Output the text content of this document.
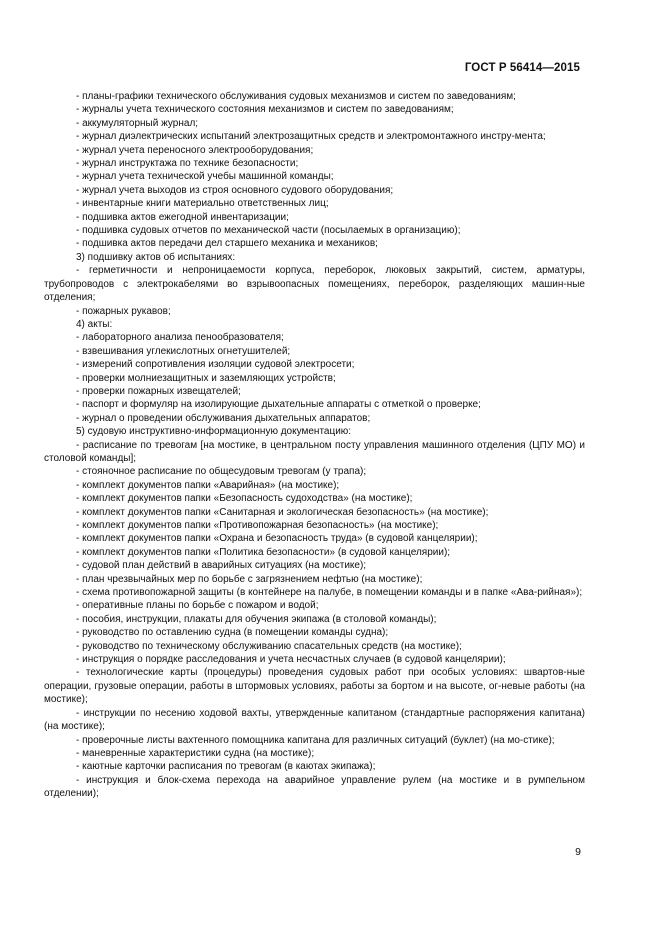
ГОСТ Р 56414—2015

- планы-графики технического обслуживания судовых механизмов и систем по заведованиям;

- журналы учета технического состояния механизмов и систем по заведованиям;

- аккумуляторный журнал;

- журнал диэлектрических испытаний электрозащитных средств и электромонтажного инстру-ментa;

- журнал учета переносного электрооборудования;

- журнал инструктажа по технике безопасности;

- журнал учета технической учебы машинной команды;

- журнал учета выходов из строя основного судового оборудования;

- инвентарные книги материально ответственных лиц;

- подшивка актов ежегодной инвентаризации;

- подшивка судовых отчетов по механической части (посылаемых в организацию);

- подшивка актов передачи дел старшего механика и механиков;

3) подшивку актов об испытаниях:

- герметичности и непроницаемости корпуса, переборок, люковых закрытий, систем, арматуры, трубопроводов с электрокабелями во взрывоопасных помещениях, переборок, разделяющих машин-ные отделения;

- пожарных рукавов;

4) акты:

- лабораторного анализа пенообразователя;

- взвешивания углекислотных огнетушителей;

- измерений сопротивления изоляции судовой электросети;

- проверки молниезащитных и заземляющих устройств;

- проверки пожарных извещателей;

- паспорт и формуляр на изолирующие дыхательные аппараты с отметкой о проверке;

- журнал о проведении обслуживания дыхательных аппаратов;

5) судовую инструктивно-информационную документацию:

- расписание по тревогам [на мостике, в центральном посту управления машинного отделения (ЦПУ МО) и столовой команды];

- стояночное расписание по общесудовым тревогам (у трапа);

- комплект документов папки «Аварийная» (на мостике);

- комплект документов папки «Безопасность судоходства» (на мостике);

- комплект документов папки «Санитарная и экологическая безопасность» (на мостике);

- комплект документов папки «Противопожарная безопасность» (на мостике);

- комплект документов папки «Охрана и безопасность труда» (в судовой канцелярии);

- комплект документов папки «Политика безопасности» (в судовой канцелярии);

- судовой план действий в аварийных ситуациях (на мостике);

- план чрезвычайных мер по борьбе с загрязнением нефтью (на мостике);

- схема противопожарной защиты (в контейнере на палубе, в помещении команды и в папке «Ава-рийная»);

- оперативные планы по борьбе с пожаром и водой;

- пособия, инструкции, плакаты для обучения экипажа (в столовой команды);

- руководство по оставлению судна (в помещении команды судна);

- руководство по техническому обслуживанию спасательных средств (на мостике);

- инструкция о порядке расследования и учета несчастных случаев (в судовой канцелярии);

- технологические карты (процедуры) проведения судовых работ при особых условиях: швартов-ные операции, грузовые операции, работы в штормовых условиях, работы за бортом и на высоте, ог-невые работы (на мостике);

- инструкции по несению ходовой вахты, утвержденные капитаном (стандартные распоряжения капитана) (на мостике);

- проверочные листы вахтенного помощника капитана для различных ситуаций (буклет) (на мо-стике);

- маневренные характеристики судна (на мостике);

- каютные карточки расписания по тревогам (в каютах экипажа);

- инструкция и блок-схема перехода на аварийное управление рулем (на мостике и в румпельном отделении);

9
